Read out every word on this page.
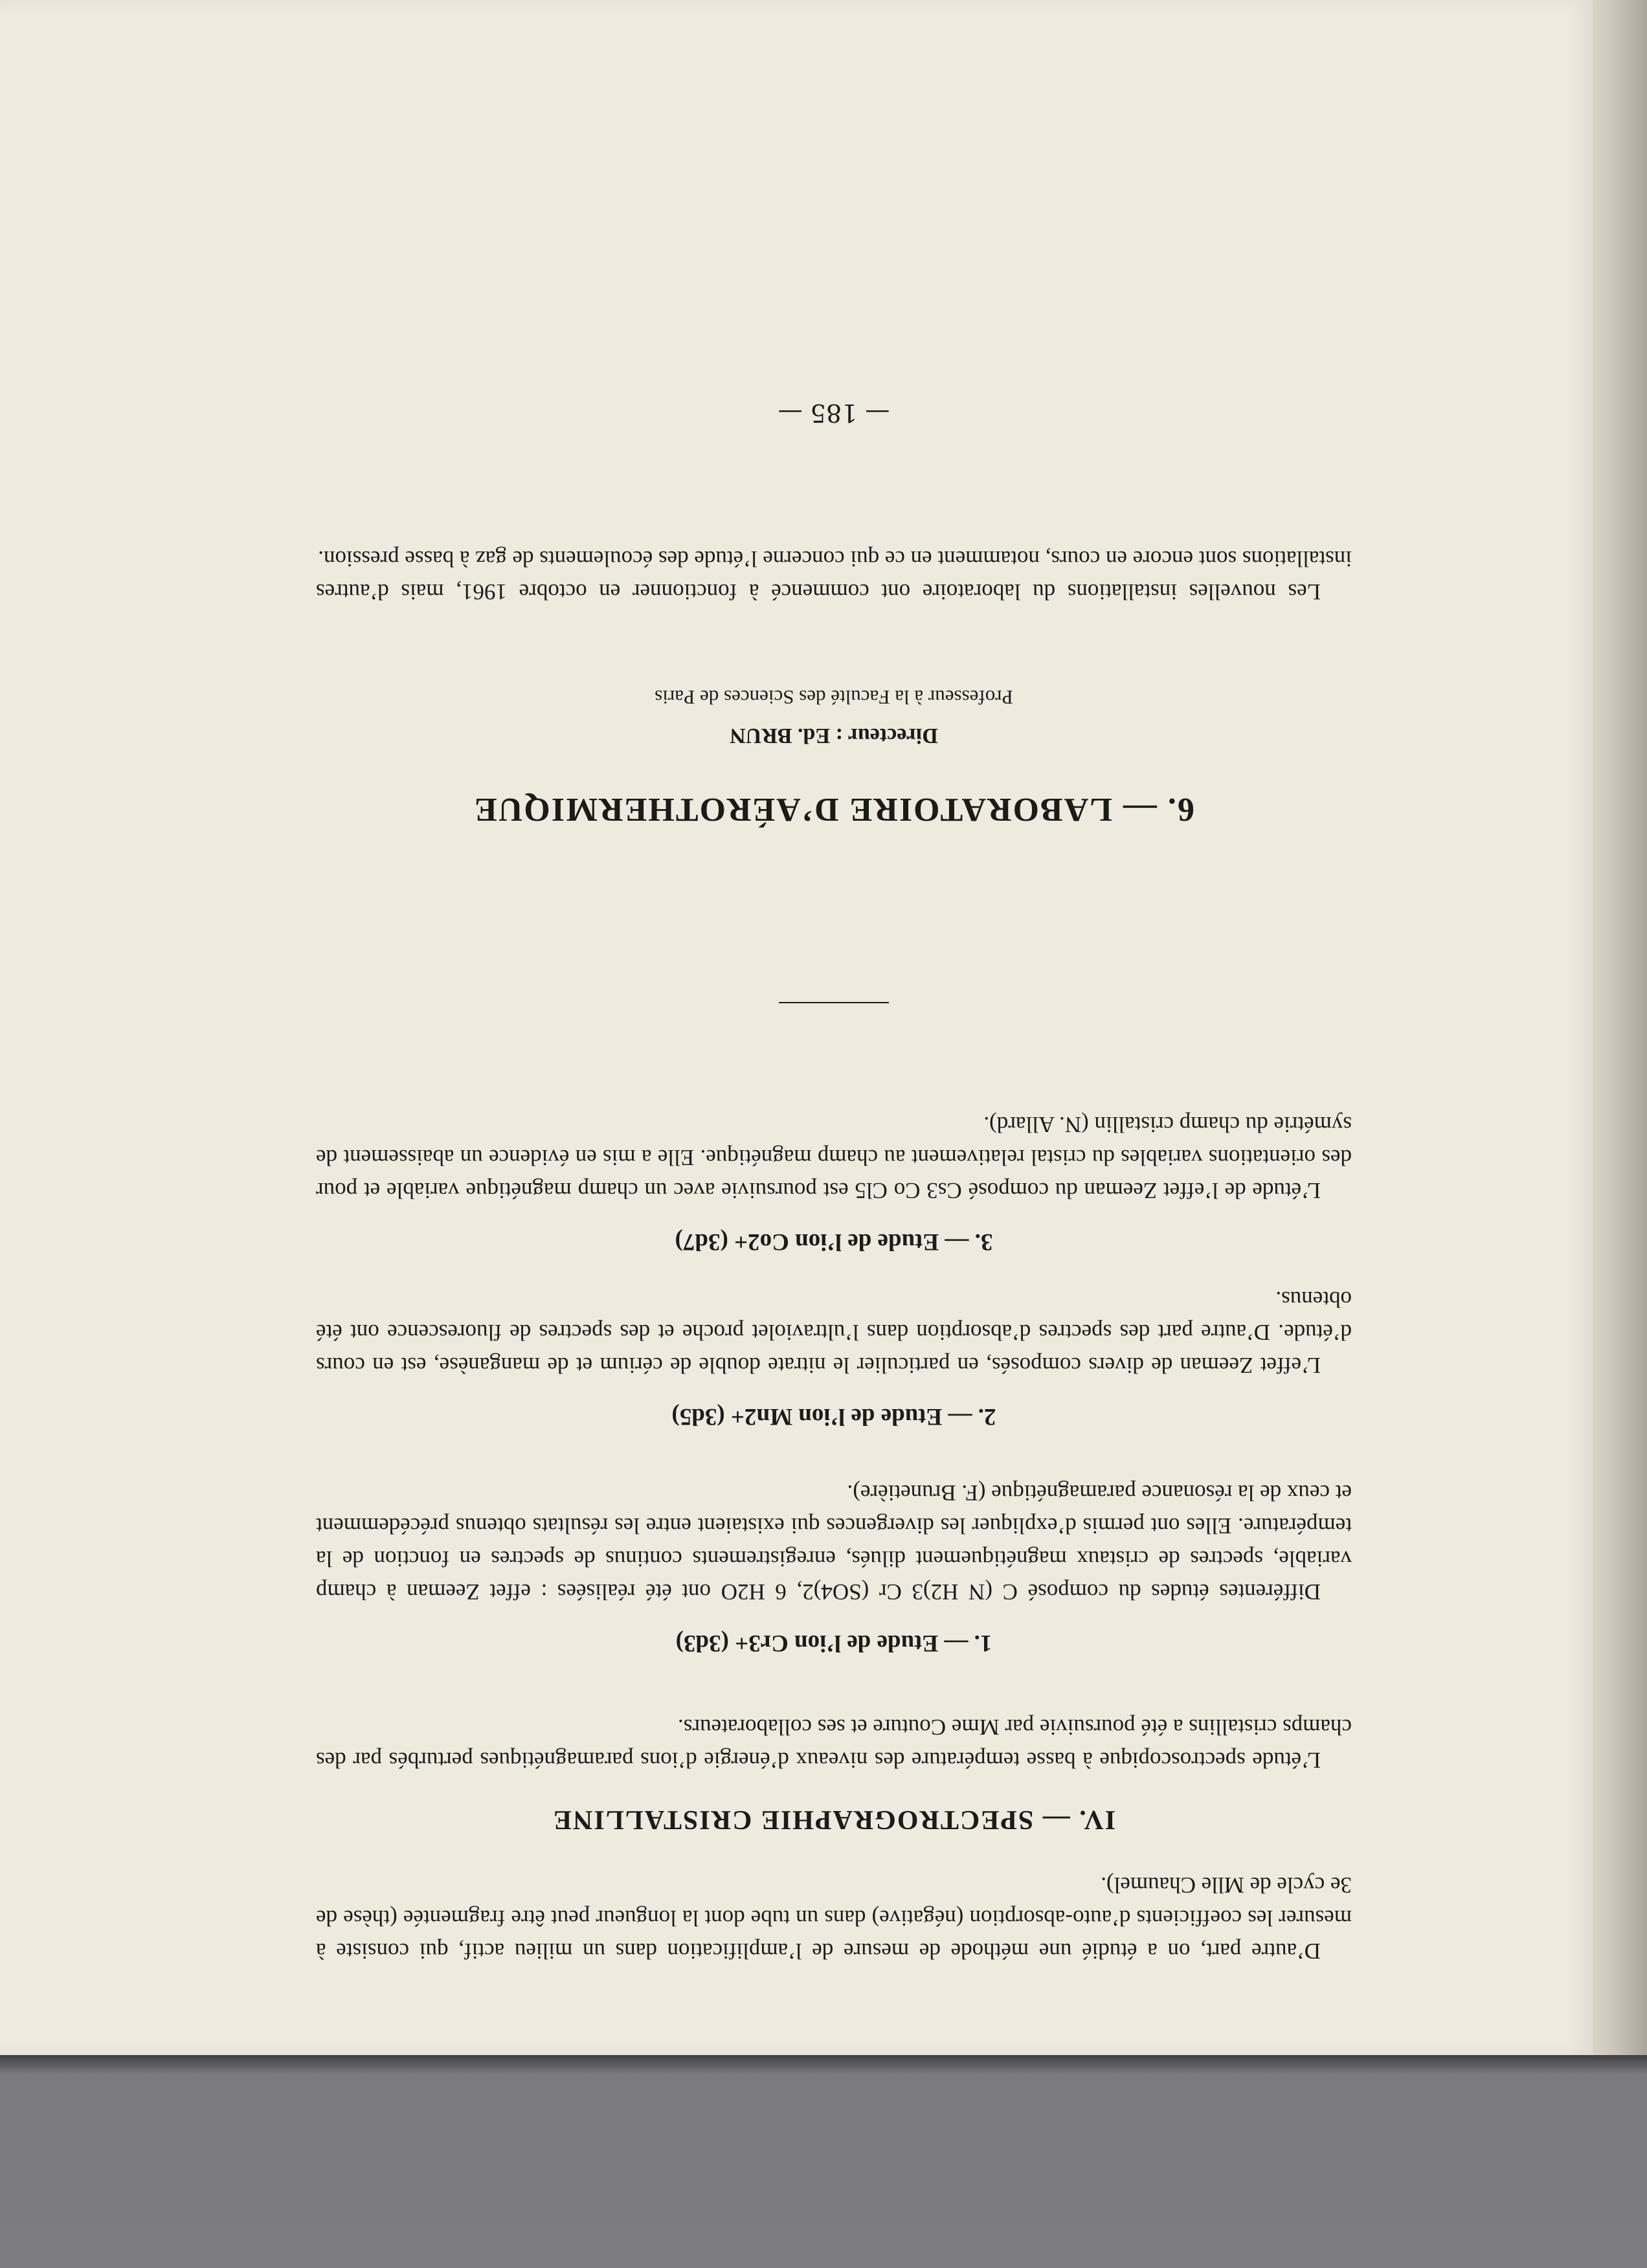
D’autre part, on a étudié une méthode de mesure de l’amplification dans un milieu actif, qui consiste à mesurer les coefficients d’auto-absorption (négative) dans un tube dont la longueur peut être fragmentée (thèse de 3e cycle de Mlle Chaumel).
IV. — SPECTROGRAPHIE CRISTALLINE
L’étude spectroscopique à basse température des niveaux d’énergie d’ions paramagnétiques perturbés par des champs cristallins a été poursuivie par Mme Couture et ses collaborateurs.
1. — Etude de l’ion Cr3+ (3d3)
Différentes études du composé C (N H2)3 Cr (SO4)2, 6 H2O ont été réalisées : effet Zeeman à champ variable, spectres de cristaux magnétiquement dilués, enregistrements continus de spectres en fonction de la température. Elles ont permis d’expliquer les divergences qui existaient entre les résultats obtenus précédemment et ceux de la résonance paramagnétique (F. Brunetière).
2. — Etude de l’ion Mn2+ (3d5)
L’effet Zeeman de divers composés, en particulier le nitrate double de cérium et de manganèse, est en cours d’étude. D’autre part des spectres d’absorption dans l’ultraviolet proche et des spectres de fluorescence ont été obtenus.
3. — Etude de l’ion Co2+ (3d7)
L’étude de l’effet Zeeman du composé Cs3 Co Cl5 est poursuivie avec un champ magnétique variable et pour des orientations variables du cristal relativement au champ magnétique. Elle a mis en évidence un abaissement de symétrie du champ cristallin (N. Allard).
6. — LABORATOIRE D’AÉROTHERMIQUE
Directeur : Ed. BRUN
Professeur à la Faculté des Sciences de Paris
Les nouvelles installations du laboratoire ont commencé à fonctionner en octobre 1961, mais d’autres installations sont encore en cours, notamment en ce qui concerne l’étude des écoulements de gaz à basse pression.
— 185 —
